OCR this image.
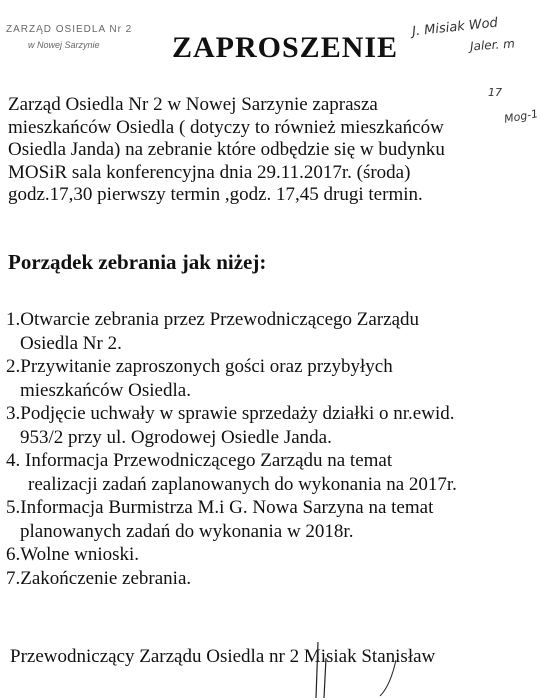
ZARZĄD OSIEDLA Nr 2
w Nowej Sarzynie ZAPROSZENIE
J. Misiak Wod
Jaler. m
17
Mog-1

Zarząd Osiedla Nr 2 w Nowej Sarzynie zaprasza
mieszkańców Osiedla ( dotyczy to również mieszkańców
Osiedla Janda) na zebranie które odbędzie się w budynku
MOSiR sala konferencyjna dnia 29.11.2017r. (środa)
godz.17,30 pierwszy termin ,godz. 17,45 drugi termin.

Porządek zebrania jak niżej:
1.Otwarcie zebrania przez Przewodniczącego Zarządu
Osiedla Nr 2.
2.Przywitanie zaproszonych gości oraz przybyłych
mieszkańców Osiedla.
3.Podjęcie uchwały w sprawie sprzedaży działki o nr.ewid.
953/2 przy ul. Ogrodowej Osiedle Janda.
4. Informacja Przewodniczącego Zarządu na temat
realizacji zadań zaplanowanych do wykonania na 2017r.
5.Informacja Burmistrza M.i G. Nowa Sarzyna na temat
planowanych zadań do wykonania w 2018r.
6.Wolne wnioski.
7.Zakończenie zebrania.

Przewodniczący Zarządu Osiedla nr 2 Misiak Stanisław
